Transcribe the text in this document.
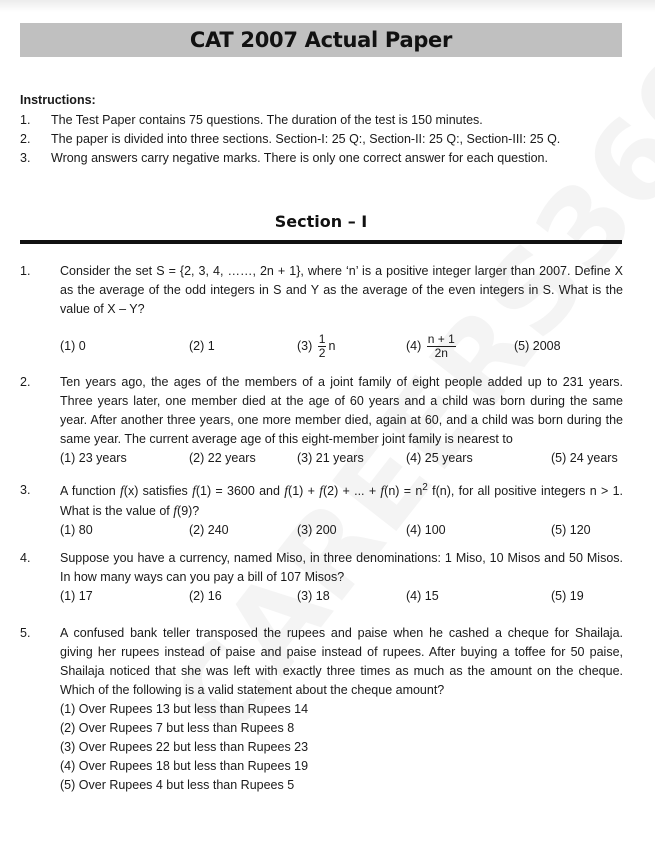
CAT 2007 Actual Paper
Instructions:
1.	The Test Paper contains 75 questions. The duration of the test is 150 minutes.
2.	The paper is divided into three sections. Section-I: 25 Q:, Section-II: 25 Q:, Section-III: 25 Q.
3.	Wrong answers carry negative marks. There is only one correct answer for each question.
Section – I
1.	Consider the set S = {2, 3, 4, ……, 2n + 1}, where ‘n’ is a positive integer larger than 2007. Define X as the average of the odd integers in S and Y as the average of the even integers in S. What is the value of X – Y?
(1) 0	(2) 1	$(3) \frac{1}{2}$ n	$(4) \frac{n + 1}{2n}$	(5) 2008
2.	Ten years ago, the ages of the members of a joint family of eight people added up to 231 years. Three years later, one member died at the age of 60 years and a child was born during the same year. After another three years, one more member died, again at 60, and a child was born during the same year. The current average age of this eight-member joint family is nearest to
(1) 23 years	(2) 22 years	(3) 21 years	(4) 25 years	(5) 24 years
3.	A function f(x) satisfies f(1) = 3600 and f(1) + f(2) + ... + $f(n) = n^2$ f(n), for all positive integers n > 1. What is the value of f(9)?
(1) 80	(2) 240	(3) 200	(4) 100	(5) 120
4.	Suppose you have a currency, named Miso, in three denominations: 1 Miso, 10 Misos and 50 Misos. In how many ways can you pay a bill of 107 Misos?
(1) 17	(2) 16	(3) 18	(4) 15	(5) 19
5.	A confused bank teller transposed the rupees and paise when he cashed a cheque for Shailaja. giving her rupees instead of paise and paise instead of rupees. After buying a toffee for 50 paise, Shailaja noticed that she was left with exactly three times as much as the amount on the cheque. Which of the following is a valid statement about the cheque amount?
(1) Over Rupees 13 but less than Rupees 14
(2) Over Rupees 7 but less than Rupees 8
(3) Over Rupees 22 but less than Rupees 23
(4) Over Rupees 18 but less than Rupees 19
(5) Over Rupees 4 but less than Rupees 5
